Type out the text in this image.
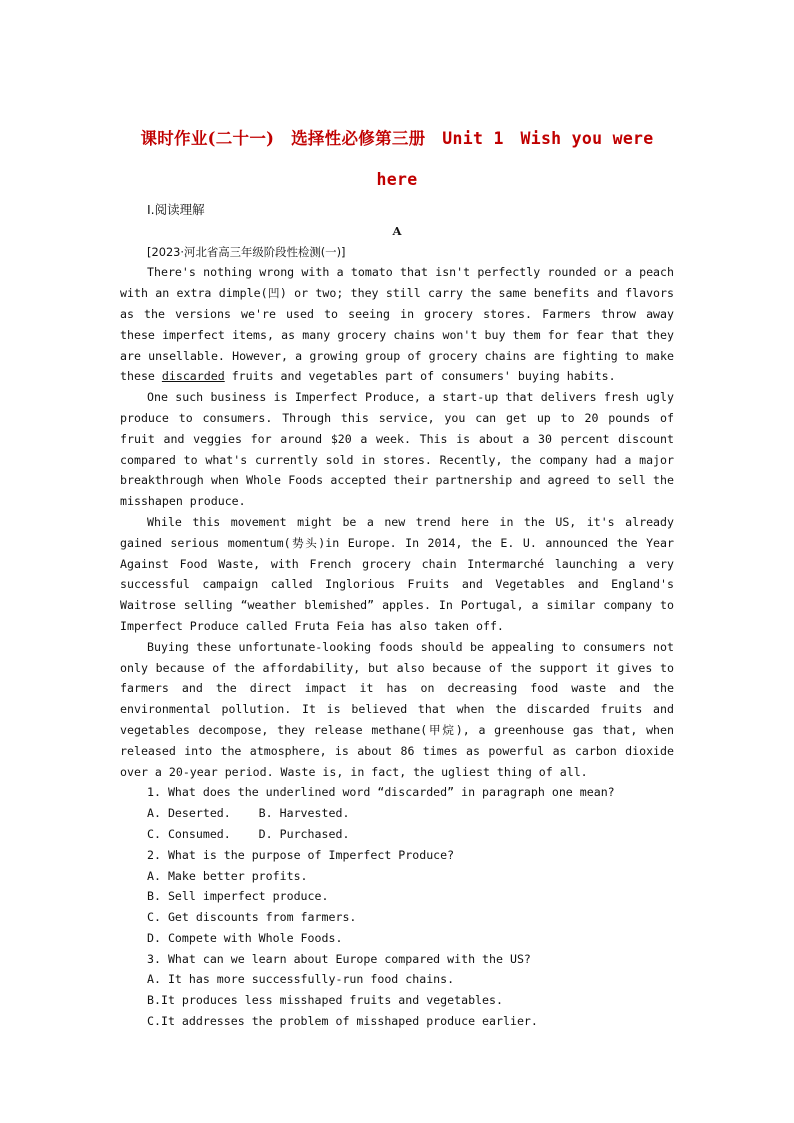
课时作业(二十一)　选择性必修第三册　Unit 1　Wish you were here
Ⅰ.阅读理解
A
[2023·河北省高三年级阶段性检测(一)]

There's nothing wrong with a tomato that isn't perfectly rounded or a peach with an extra dimple(凹) or two; they still carry the same benefits and flavors as the versions we're used to seeing in grocery stores. Farmers throw away these imperfect items, as many grocery chains won't buy them for fear that they are unsellable. However, a growing group of grocery chains are fighting to make these discarded fruits and vegetables part of consumers' buying habits.

One such business is Imperfect Produce, a start-up that delivers fresh ugly produce to consumers. Through this service, you can get up to 20 pounds of fruit and veggies for around $20 a week. This is about a 30 percent discount compared to what's currently sold in stores. Recently, the company had a major breakthrough when Whole Foods accepted their partnership and agreed to sell the misshapen produce.

While this movement might be a new trend here in the US, it's already gained serious momentum(势头)in Europe. In 2014, the E. U. announced the Year Against Food Waste, with French grocery chain Intermarché launching a very successful campaign called Inglorious Fruits and Vegetables and England's Waitrose selling “weather blemished” apples. In Portugal, a similar company to Imperfect Produce called Fruta Feia has also taken off.

Buying these unfortunate-looking foods should be appealing to consumers not only because of the affordability, but also because of the support it gives to farmers and the direct impact it has on decreasing food waste and the environmental pollution. It is believed that when the discarded fruits and vegetables decompose, they release methane(甲烷), a greenhouse gas that, when released into the atmosphere, is about 86 times as powerful as carbon dioxide over a 20-year period. Waste is, in fact, the ugliest thing of all.

1. What does the underlined word “discarded” in paragraph one mean?
A. Deserted.    B. Harvested.
C. Consumed.    D. Purchased.
2. What is the purpose of Imperfect Produce?
A. Make better profits.
B. Sell imperfect produce.
C. Get discounts from farmers.
D. Compete with Whole Foods.
3. What can we learn about Europe compared with the US?
A. It has more successfully-run food chains.
B.It produces less misshaped fruits and vegetables.
C.It addresses the problem of misshaped produce earlier.
